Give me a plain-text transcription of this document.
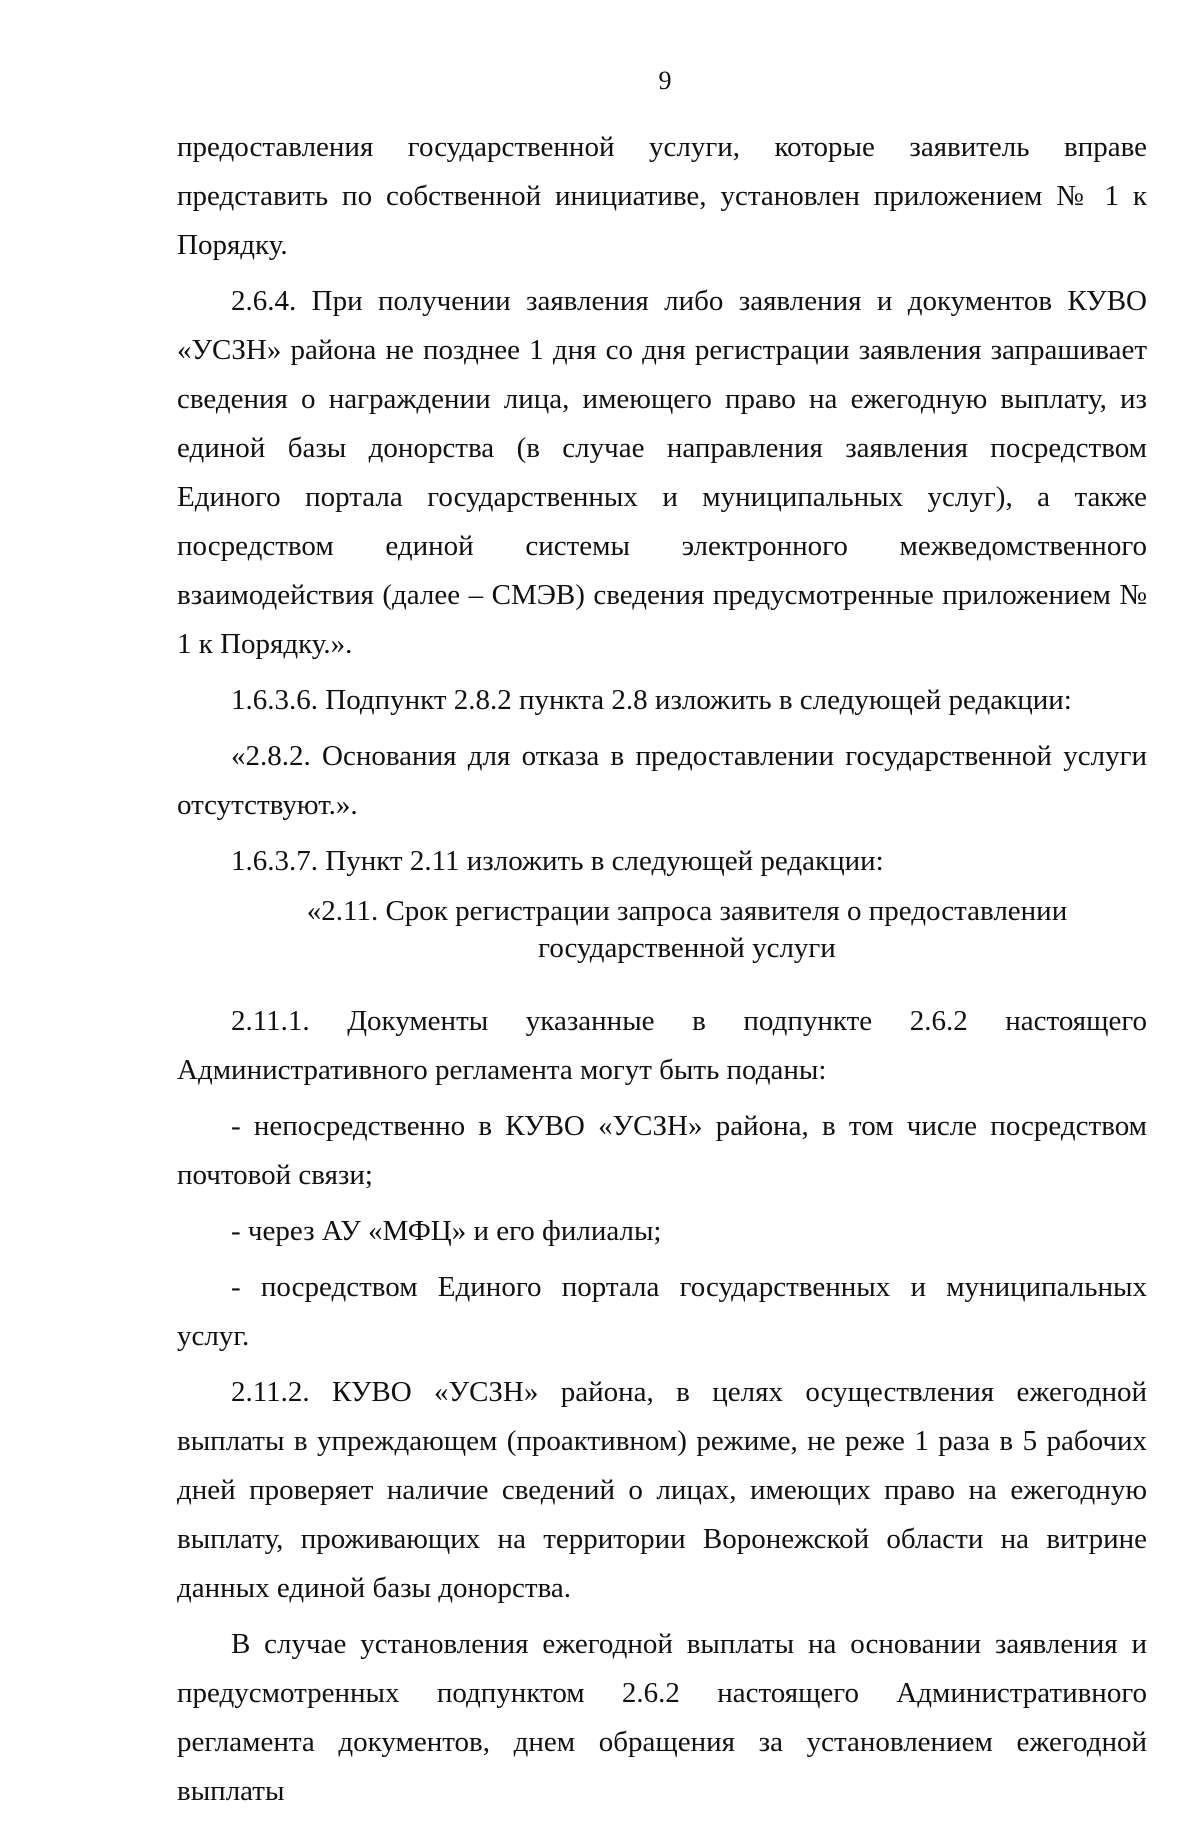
9

предоставления государственной услуги, которые заявитель вправе представить по собственной инициативе, установлен приложением № 1 к Порядку.

2.6.4. При получении заявления либо заявления и документов КУВО «УСЗН» района не позднее 1 дня со дня регистрации заявления запрашивает сведения о награждении лица, имеющего право на ежегодную выплату, из единой базы донорства (в случае направления заявления посредством Единого портала государственных и муниципальных услуг), а также посредством единой системы электронного межведомственного взаимодействия (далее – СМЭВ) сведения предусмотренные приложением № 1 к Порядку.».

1.6.3.6. Подпункт 2.8.2 пункта 2.8 изложить в следующей редакции:

«2.8.2. Основания для отказа в предоставлении государственной услуги отсутствуют.».

1.6.3.7. Пункт 2.11 изложить в следующей редакции:

«2.11. Срок регистрации запроса заявителя о предоставлении
государственной услуги

2.11.1. Документы указанные в подпункте 2.6.2 настоящего Административного регламента могут быть поданы:

- непосредственно в КУВО «УСЗН» района, в том числе посредством почтовой связи;

- через АУ «МФЦ» и его филиалы;

- посредством Единого портала государственных и муниципальных услуг.

2.11.2. КУВО «УСЗН» района, в целях осуществления ежегодной выплаты в упреждающем (проактивном) режиме, не реже 1 раза в 5 рабочих дней проверяет наличие сведений о лицах, имеющих право на ежегодную выплату, проживающих на территории Воронежской области на витрине данных единой базы донорства.

В случае установления ежегодной выплаты на основании заявления и предусмотренных подпунктом 2.6.2 настоящего Административного регламента документов, днем обращения за установлением ежегодной выплаты
